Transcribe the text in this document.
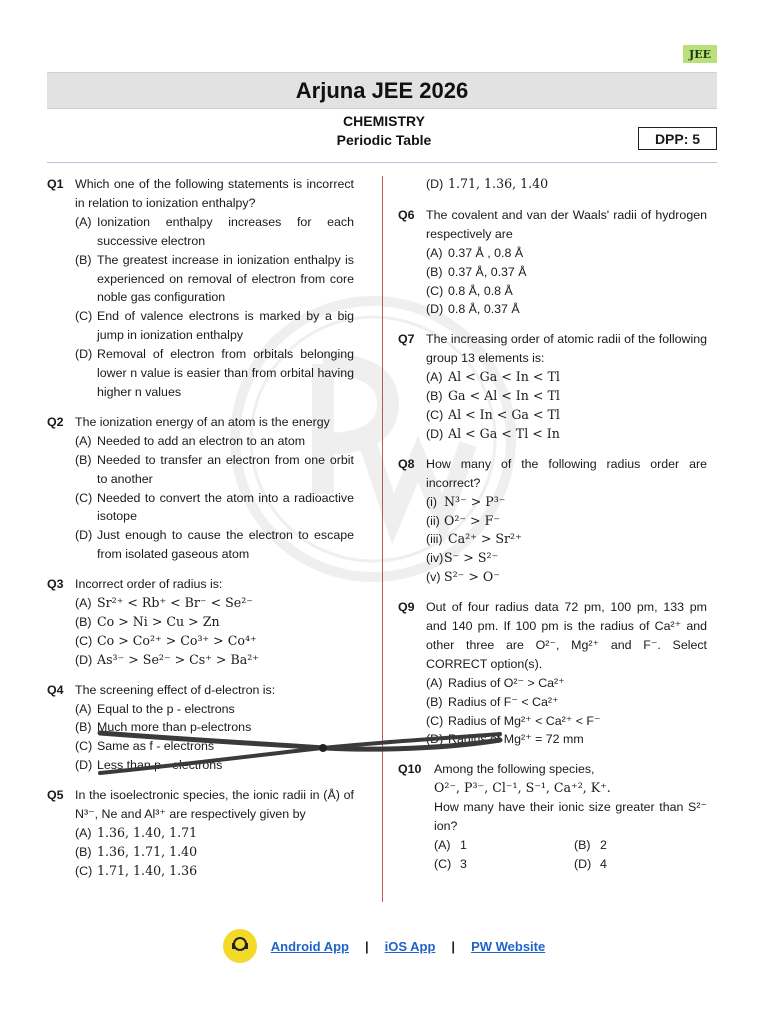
JEE
Arjuna JEE 2026
CHEMISTRY
Periodic Table	DPP: 5
Q1 Which one of the following statements is incorrect in relation to ionization enthalpy?
(A) Ionization enthalpy increases for each successive electron
(B) The greatest increase in ionization enthalpy is experienced on removal of electron from core noble gas configuration
(C) End of valence electrons is marked by a big jump in ionization enthalpy
(D) Removal of electron from orbitals belonging lower n value is easier than from orbital having higher n values
Q2 The ionization energy of an atom is the energy
(A) Needed to add an electron to an atom
(B) Needed to transfer an electron from one orbit to another
(C) Needed to convert the atom into a radioactive isotope
(D) Just enough to cause the electron to escape from isolated gaseous atom
Q3 Incorrect order of radius is:
(A) Sr²⁺ < Rb⁺ < Br⁻ < Se²⁻
(B) Co > Ni > Cu > Zn
(C) Co > Co²⁺ > Co³⁺ > Co⁴⁺
(D) As³⁻ > Se²⁻ > Cs⁺ > Ba²⁺
Q4 The screening effect of d-electron is:
(A) Equal to the p - electrons
(B) Much more than p-electrons
(C) Same as f - electrons
(D) Less than p - electrons
Q5 In the isoelectronic species, the ionic radii in (Å) of N³⁻, Ne and Al³⁺ are respectively given by
(A) 1.36, 1.40, 1.71
(B) 1.36, 1.71, 1.40
(C) 1.71, 1.40, 1.36
(D) 1.71, 1.36, 1.40
Q6 The covalent and van der Waals' radii of hydrogen respectively are
(A) 0.37 Å , 0.8 Å
(B) 0.37 Å, 0.37 Å
(C) 0.8 Å, 0.8 Å
(D) 0.8 Å, 0.37 Å
Q7 The increasing order of atomic radii of the following group 13 elements is:
(A) Al < Ga < In < Tl
(B) Ga < Al < In < Tl
(C) Al < In < Ga < Tl
(D) Al < Ga < Tl < In
Q8 How many of the following radius order are incorrect?
(i) N³⁻ > P³⁻
(ii) O²⁻ > F⁻
(iii) Ca²⁺ > Sr²⁺
(iv) S⁻ > S²⁻
(v) S²⁻ > O⁻
Q9 Out of four radius data 72 pm, 100 pm, 133 pm and 140 pm. If 100 pm is the radius of Ca²⁺ and other three are O²⁻, Mg²⁺ and F⁻. Select CORRECT option(s).
(A) Radius of O²⁻ > Ca²⁺
(B) Radius of F⁻ < Ca²⁺
(C) Radius of Mg²⁺ < Ca²⁺ < F⁻
(D) Radius of Mg²⁺ = 72 mm
Q10	Among the following species,
O²⁻, P³⁻, Cl⁻¹, S⁻¹, Ca⁺², K⁺.
How many have their ionic size greater than S²⁻ ion?
(A) 1	(B) 2
(C) 3	(D) 4
Android App | iOS App | PW Website
